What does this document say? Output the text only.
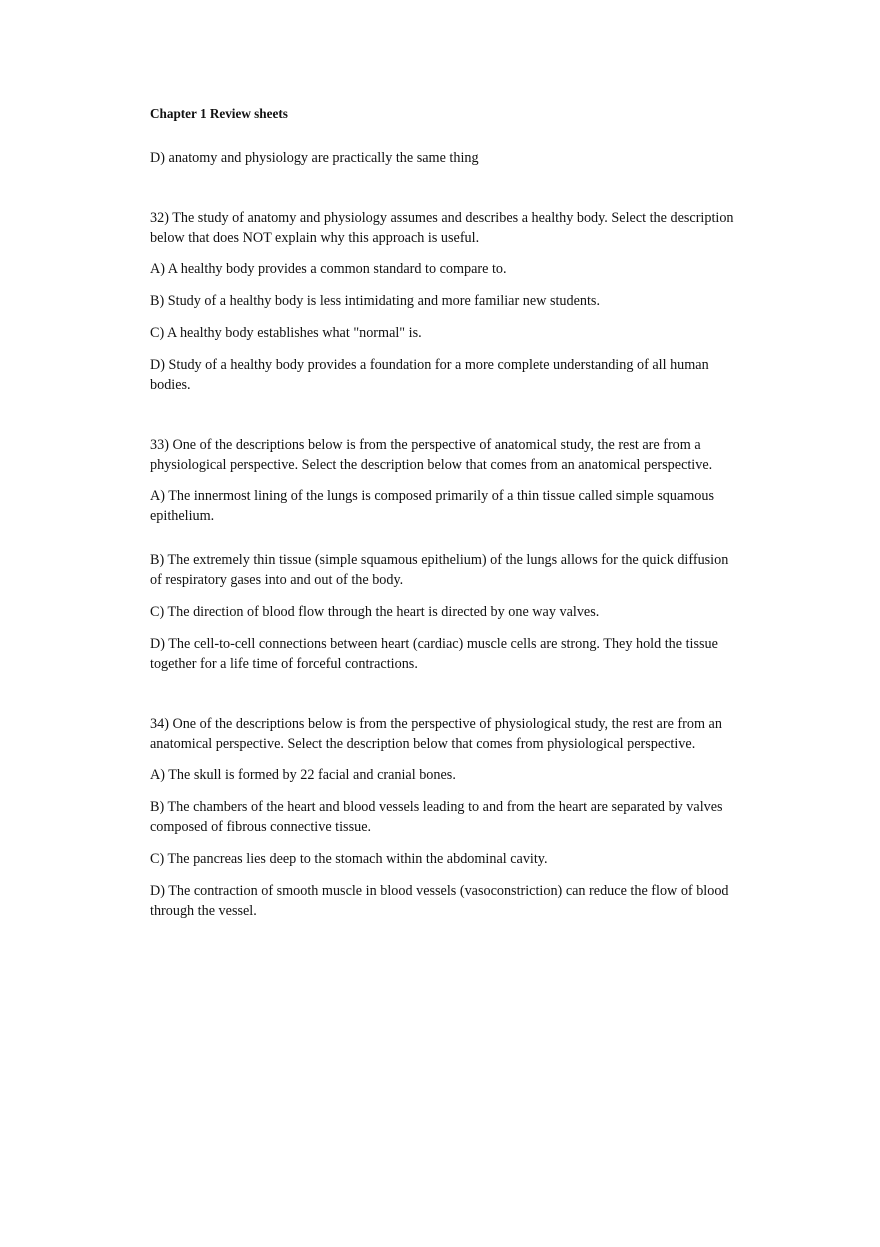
Chapter 1 Review sheets

D) anatomy and physiology are practically the same thing

32) The study of anatomy and physiology assumes and describes a healthy body. Select the description below that does NOT explain why this approach is useful.

A) A healthy body provides a common standard to compare to.

B) Study of a healthy body is less intimidating and more familiar new students.

C) A healthy body establishes what "normal" is.

D) Study of a healthy body provides a foundation for a more complete understanding of all human bodies.

33) One of the descriptions below is from the perspective of anatomical study, the rest are from a physiological perspective. Select the description below that comes from an anatomical perspective.

A) The innermost lining of the lungs is composed primarily of a thin tissue called simple squamous epithelium.

B) The extremely thin tissue (simple squamous epithelium) of the lungs allows for the quick diffusion of respiratory gases into and out of the body.

C) The direction of blood flow through the heart is directed by one way valves.

D) The cell-to-cell connections between heart (cardiac) muscle cells are strong. They hold the tissue together for a life time of forceful contractions.

34) One of the descriptions below is from the perspective of physiological study, the rest are from an anatomical perspective. Select the description below that comes from physiological perspective.

A) The skull is formed by 22 facial and cranial bones.

B) The chambers of the heart and blood vessels leading to and from the heart are separated by valves composed of fibrous connective tissue.

C) The pancreas lies deep to the stomach within the abdominal cavity.

D) The contraction of smooth muscle in blood vessels (vasoconstriction) can reduce the flow of blood through the vessel.
